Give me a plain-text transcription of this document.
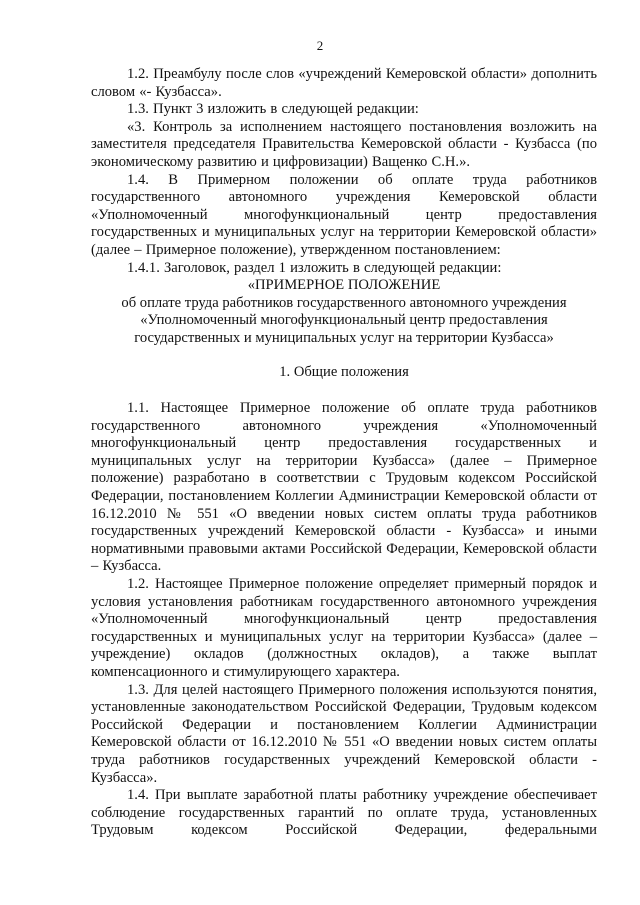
2

1.2. Преамбулу после слов «учреждений Кемеровской области» дополнить словом «- Кузбасса».

1.3. Пункт 3 изложить в следующей редакции:

«3. Контроль за исполнением настоящего постановления возложить на заместителя председателя Правительства Кемеровской области - Кузбасса (по экономическому развитию и цифровизации) Ващенко С.Н.».

1.4. В Примерном положении об оплате труда работников государственного автономного учреждения Кемеровской области «Уполномоченный многофункциональный центр предоставления государственных и муниципальных услуг на территории Кемеровской области» (далее – Примерное положение), утвержденном постановлением:

1.4.1. Заголовок, раздел 1 изложить в следующей редакции:

«ПРИМЕРНОЕ ПОЛОЖЕНИЕ

об оплате труда работников государственного автономного учреждения

«Уполномоченный многофункциональный центр предоставления

государственных и муниципальных услуг на территории Кузбасса»

1. Общие положения

1.1. Настоящее Примерное положение об оплате труда работников государственного автономного учреждения «Уполномоченный многофункциональный центр предоставления государственных и муниципальных услуг на территории Кузбасса» (далее – Примерное положение) разработано в соответствии с Трудовым кодексом Российской Федерации, постановлением Коллегии Администрации Кемеровской области от 16.12.2010 № 551 «О введении новых систем оплаты труда работников государственных учреждений Кемеровской области - Кузбасса» и иными нормативными правовыми актами Российской Федерации, Кемеровской области – Кузбасса.

1.2. Настоящее Примерное положение определяет примерный порядок и условия установления работникам государственного автономного учреждения «Уполномоченный многофункциональный центр предоставления государственных и муниципальных услуг на территории Кузбасса» (далее – учреждение) окладов (должностных окладов), а также выплат компенсационного и стимулирующего характера.

1.3. Для целей настоящего Примерного положения используются понятия, установленные законодательством Российской Федерации, Трудовым кодексом Российской Федерации и постановлением Коллегии Администрации Кемеровской области от 16.12.2010 № 551 «О введении новых систем оплаты труда работников государственных учреждений Кемеровской области - Кузбасса».

1.4. При выплате заработной платы работнику учреждение обеспечивает соблюдение государственных гарантий по оплате труда, установленных Трудовым кодексом Российской Федерации, федеральными
